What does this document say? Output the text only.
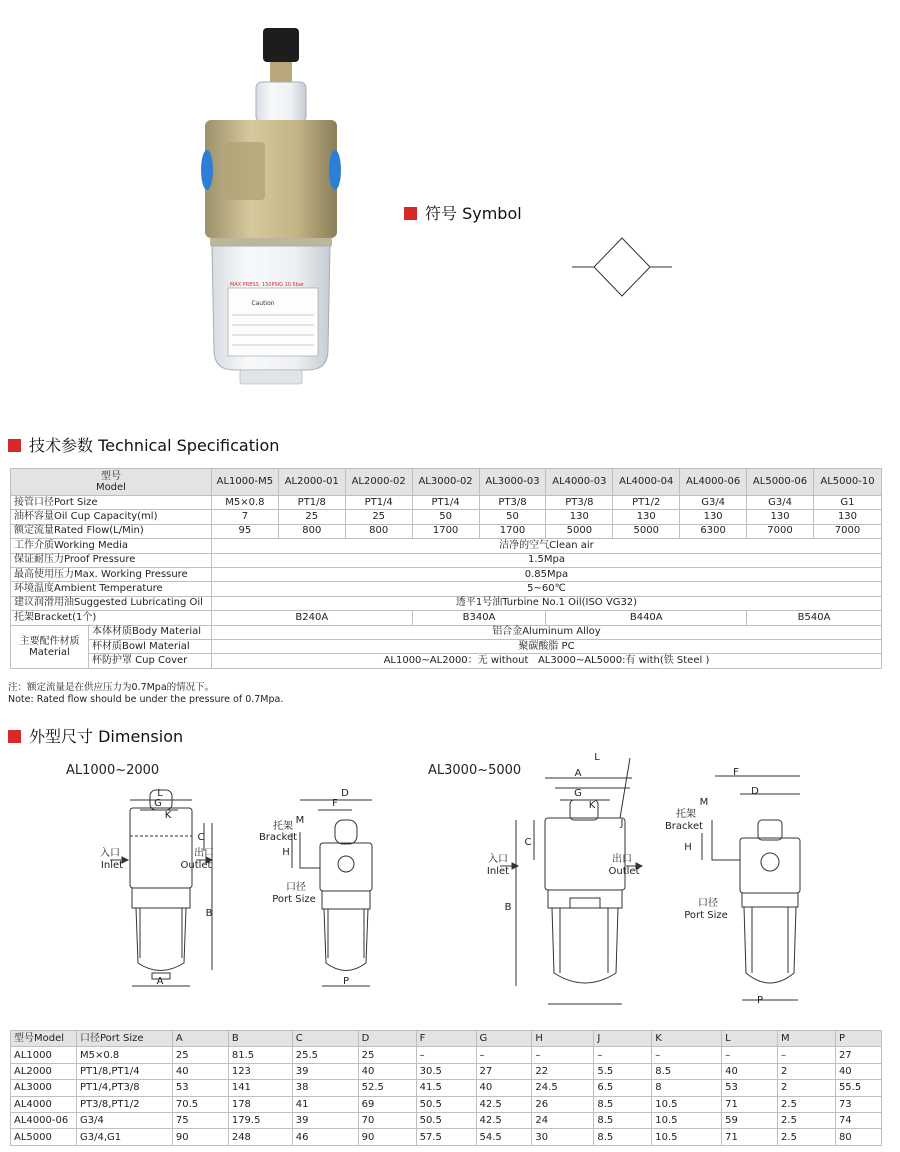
MAX PRESS. 150PSIG 10.5bar
Caution
符号 Symbol
技术参数 Technical Specification
型号
Model		AL1000-M5	AL2000-01	AL2000-02	AL3000-02	AL3000-03	AL4000-03	AL4000-04	AL4000-06	AL5000-06	AL5000-10
接管口径Port Size		M5×0.8	PT1/8	PT1/4	PT1/4	PT3/8	PT3/8	PT1/2	G3/4	G3/4	G1
油杯容量Oil Cup Capacity(ml)		7	25	25	50	50	130	130	130	130	130
额定流量Rated Flow(L/Min)		95	800	800	1700	1700	5000	5000	6300	7000	7000
工作介质Working Media		洁净的空气Clean air									
保证耐压力Proof Pressure		1.5Mpa									
最高使用压力Max. Working Pressure		0.85Mpa									
环境温度Ambient Temperature		5~60℃									
建议润滑用油Suggested Lubricating Oil		透平1号油Turbine No.1 Oil(ISO VG32)									
托架Bracket(1个)		B240A			B340A		B440A			B540A	
主要配件材质
Material	本体材质Body Material	铝合金Aluminum Alloy									
	杯材质Bowl Material	聚碳酸脂 PC									
	杯防护罩 Cup Cover	AL1000~AL2000：无 without   AL3000~AL5000:有 with(铁 Steel )									
注：额定流量是在供应压力为0.7Mpa的情况下。
Note: Rated flow should be under the pressure of 0.7Mpa.
外型尺寸 Dimension
AL1000~2000	AL3000~5000
L
G
K
C
B
A
入口
Inlet
出口
Outlet
D
F
M
H
托架
Bracket
口径
Port Size
P
L
A
G
K
J
C
B
入口
Inlet
出口
Outlet
F
D
M
托架
Bracket
H
口径
Port Size
P
型号Model	口径Port Size	A	B	C	D	F	G	H	J	K	L	M	P
AL1000	M5×0.8	25	81.5	25.5	25	–	–	–	–	–	–	–	27
AL2000	PT1/8,PT1/4	40	123	39	40	30.5	27	22	5.5	8.5	40	2	40
AL3000	PT1/4,PT3/8	53	141	38	52.5	41.5	40	24.5	6.5	8	53	2	55.5
AL4000	PT3/8,PT1/2	70.5	178	41	69	50.5	42.5	26	8.5	10.5	71	2.5	73
AL4000-06	G3/4	75	179.5	39	70	50.5	42.5	24	8.5	10.5	59	2.5	74
AL5000	G3/4,G1	90	248	46	90	57.5	54.5	30	8.5	10.5	71	2.5	80
